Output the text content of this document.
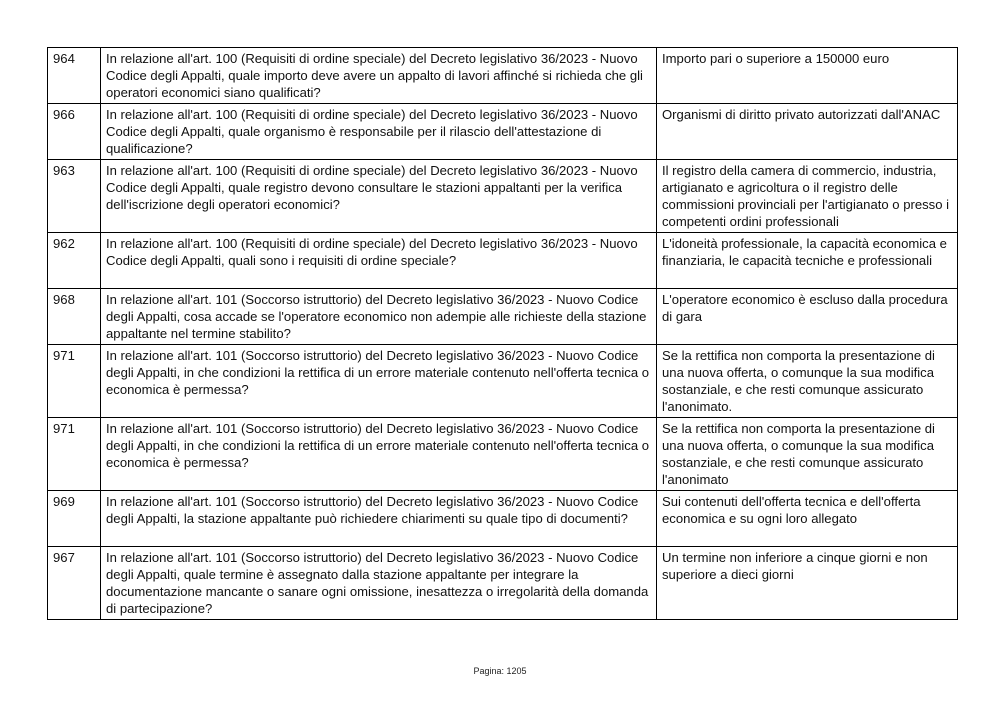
964	In relazione all'art. 100 (Requisiti di ordine speciale) del Decreto legislativo 36/2023 - Nuovo Codice degli Appalti, quale importo deve avere un appalto di lavori affinché si richieda che gli operatori economici siano qualificati?	Importo pari o superiore a 150000 euro
966	In relazione all'art. 100 (Requisiti di ordine speciale) del Decreto legislativo 36/2023 - Nuovo Codice degli Appalti, quale organismo è responsabile per il rilascio dell'attestazione di qualificazione?	Organismi di diritto privato autorizzati dall'ANAC
963	In relazione all'art. 100 (Requisiti di ordine speciale) del Decreto legislativo 36/2023 - Nuovo Codice degli Appalti, quale registro devono consultare le stazioni appaltanti per la verifica dell'iscrizione degli operatori economici?	Il registro della camera di commercio, industria, artigianato e agricoltura o il registro delle commissioni provinciali per l'artigianato o presso i competenti ordini professionali
962	In relazione all'art. 100 (Requisiti di ordine speciale) del Decreto legislativo 36/2023 - Nuovo Codice degli Appalti, quali sono i requisiti di ordine speciale?	L'idoneità professionale, la capacità economica e finanziaria, le capacità tecniche e professionali
968	In relazione all'art. 101 (Soccorso istruttorio) del Decreto legislativo 36/2023 - Nuovo Codice degli Appalti, cosa accade se l'operatore economico non adempie alle richieste della stazione appaltante nel termine stabilito?	L'operatore economico è escluso dalla procedura di gara
971	In relazione all'art. 101 (Soccorso istruttorio) del Decreto legislativo 36/2023 - Nuovo Codice degli Appalti, in che condizioni la rettifica di un errore materiale contenuto nell'offerta tecnica o economica è permessa?	Se la rettifica non comporta la presentazione di una nuova offerta, o comunque la sua modifica sostanziale, e che resti comunque assicurato l'anonimato.
971	In relazione all'art. 101 (Soccorso istruttorio) del Decreto legislativo 36/2023 - Nuovo Codice degli Appalti, in che condizioni la rettifica di un errore materiale contenuto nell'offerta tecnica o economica è permessa?	Se la rettifica non comporta la presentazione di una nuova offerta, o comunque la sua modifica sostanziale, e che resti comunque assicurato l'anonimato
969	In relazione all'art. 101 (Soccorso istruttorio) del Decreto legislativo 36/2023 - Nuovo Codice degli Appalti, la stazione appaltante può richiedere chiarimenti su quale tipo di documenti?	Sui contenuti dell'offerta tecnica e dell'offerta economica e su ogni loro allegato
967	In relazione all'art. 101 (Soccorso istruttorio) del Decreto legislativo 36/2023 - Nuovo Codice degli Appalti, quale termine è assegnato dalla stazione appaltante per integrare la documentazione mancante o sanare ogni omissione, inesattezza o irregolarità della domanda di partecipazione?	Un termine non inferiore a cinque giorni e non superiore a dieci giorni
Pagina: 1205
